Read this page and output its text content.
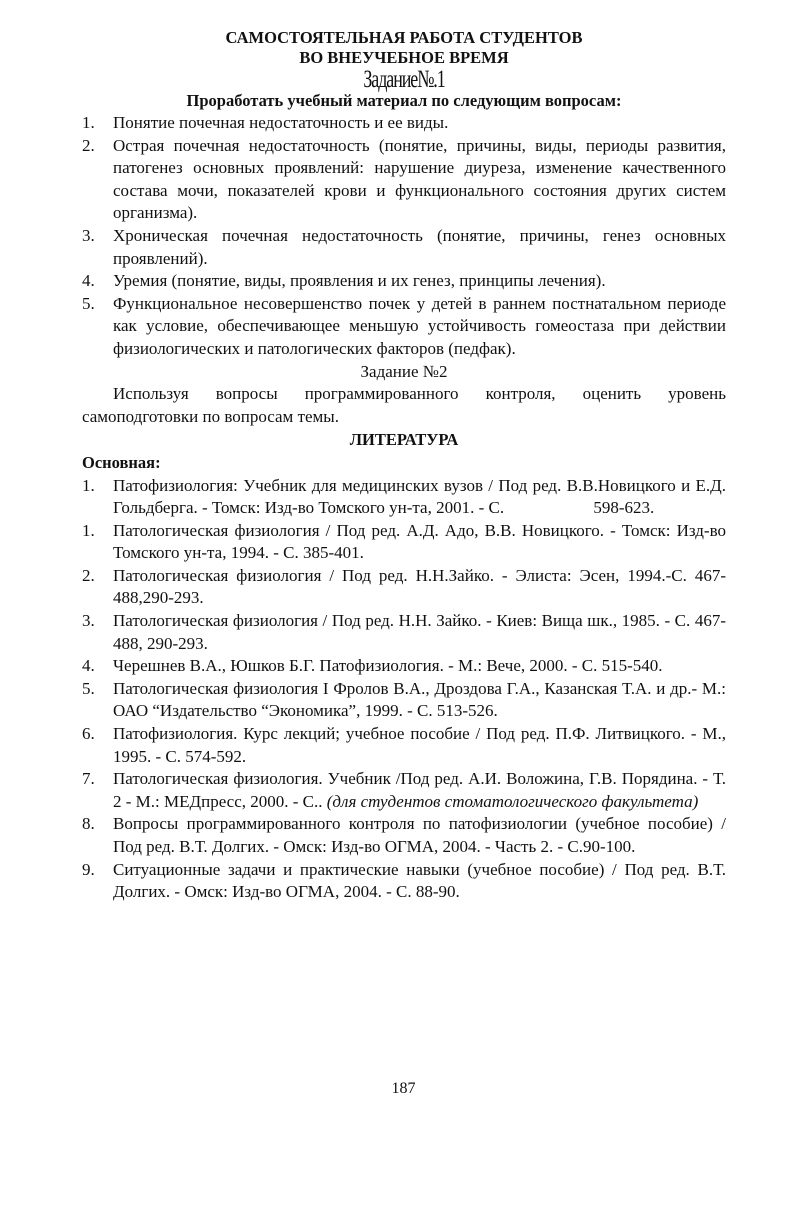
САМОСТОЯТЕЛЬНАЯ РАБОТА СТУДЕНТОВ
ВО ВНЕУЧЕБНОЕ ВРЕМЯ
Задание№.1
Проработать учебный материал по следующим вопросам:
1.	Понятие почечная недостаточность и ее виды.
2.	Острая почечная недостаточность (понятие, причины, виды, периоды развития, патогенез основных проявлений: нарушение диуреза, изменение качественного состава мочи, показателей крови и функционального состояния других систем организма).
3.	Хроническая почечная недостаточность (понятие, причины, генез основных проявлений).
4.	Уремия (понятие, виды, проявления и их генез, принципы лечения).
5.	Функциональное несовершенство почек у детей в раннем постнатальном периоде как условие, обеспечивающее меньшую устойчивость гомеостаза при действии физиологических и патологических факторов (педфак).
Задание №2
Используя вопросы программированного контроля, оценить уровень самоподготовки по вопросам темы.
ЛИТЕРАТУРА
Основная:
1.	Патофизиология: Учебник для медицинских вузов / Под ред. В.В.Новицкого и Е.Д. Гольдберга. - Томск: Изд-во Томского ун-та, 2001. - С.                     598-623.
1.	Патологическая физиология / Под ред. А.Д. Адо, В.В. Новицкого. - Томск: Изд-во Томского ун-та, 1994. - С. 385-401.
2.	Патологическая физиология / Под ред. Н.Н.Зайко. - Элиста: Эсен, 1994.-С. 467-488,290-293.
3.	Патологическая физиология / Под ред. Н.Н. Зайко. - Киев: Вища шк., 1985. - С. 467-488, 290-293.
4.	Черешнев В.А., Юшков Б.Г. Патофизиология. - М.: Вече, 2000. - С. 515-540.
5.	Патологическая физиология I Фролов В.А., Дроздова Г.А., Казанская Т.А. и др.- М.: ОАО “Издательство “Экономика”, 1999. - С. 513-526.
6.	Патофизиология. Курс лекций; учебное пособие / Под ред. П.Ф. Литвицкого. - М., 1995. - С. 574-592.
7.	Патологическая физиология. Учебник /Под ред. А.И. Воложина, Г.В. Порядина. - Т. 2 - М.: МЕДпресс, 2000. - С.. (для студентов стоматологического факультета)
8.	Вопросы программированного контроля по патофизиологии (учебное пособие) / Под ред. В.Т. Долгих. - Омск: Изд-во ОГМА, 2004. - Часть 2. - С.90-100.
9.	Ситуационные задачи и практические навыки (учебное пособие) / Под ред. В.Т. Долгих. - Омск: Изд-во ОГМА, 2004. - С. 88-90.
187
